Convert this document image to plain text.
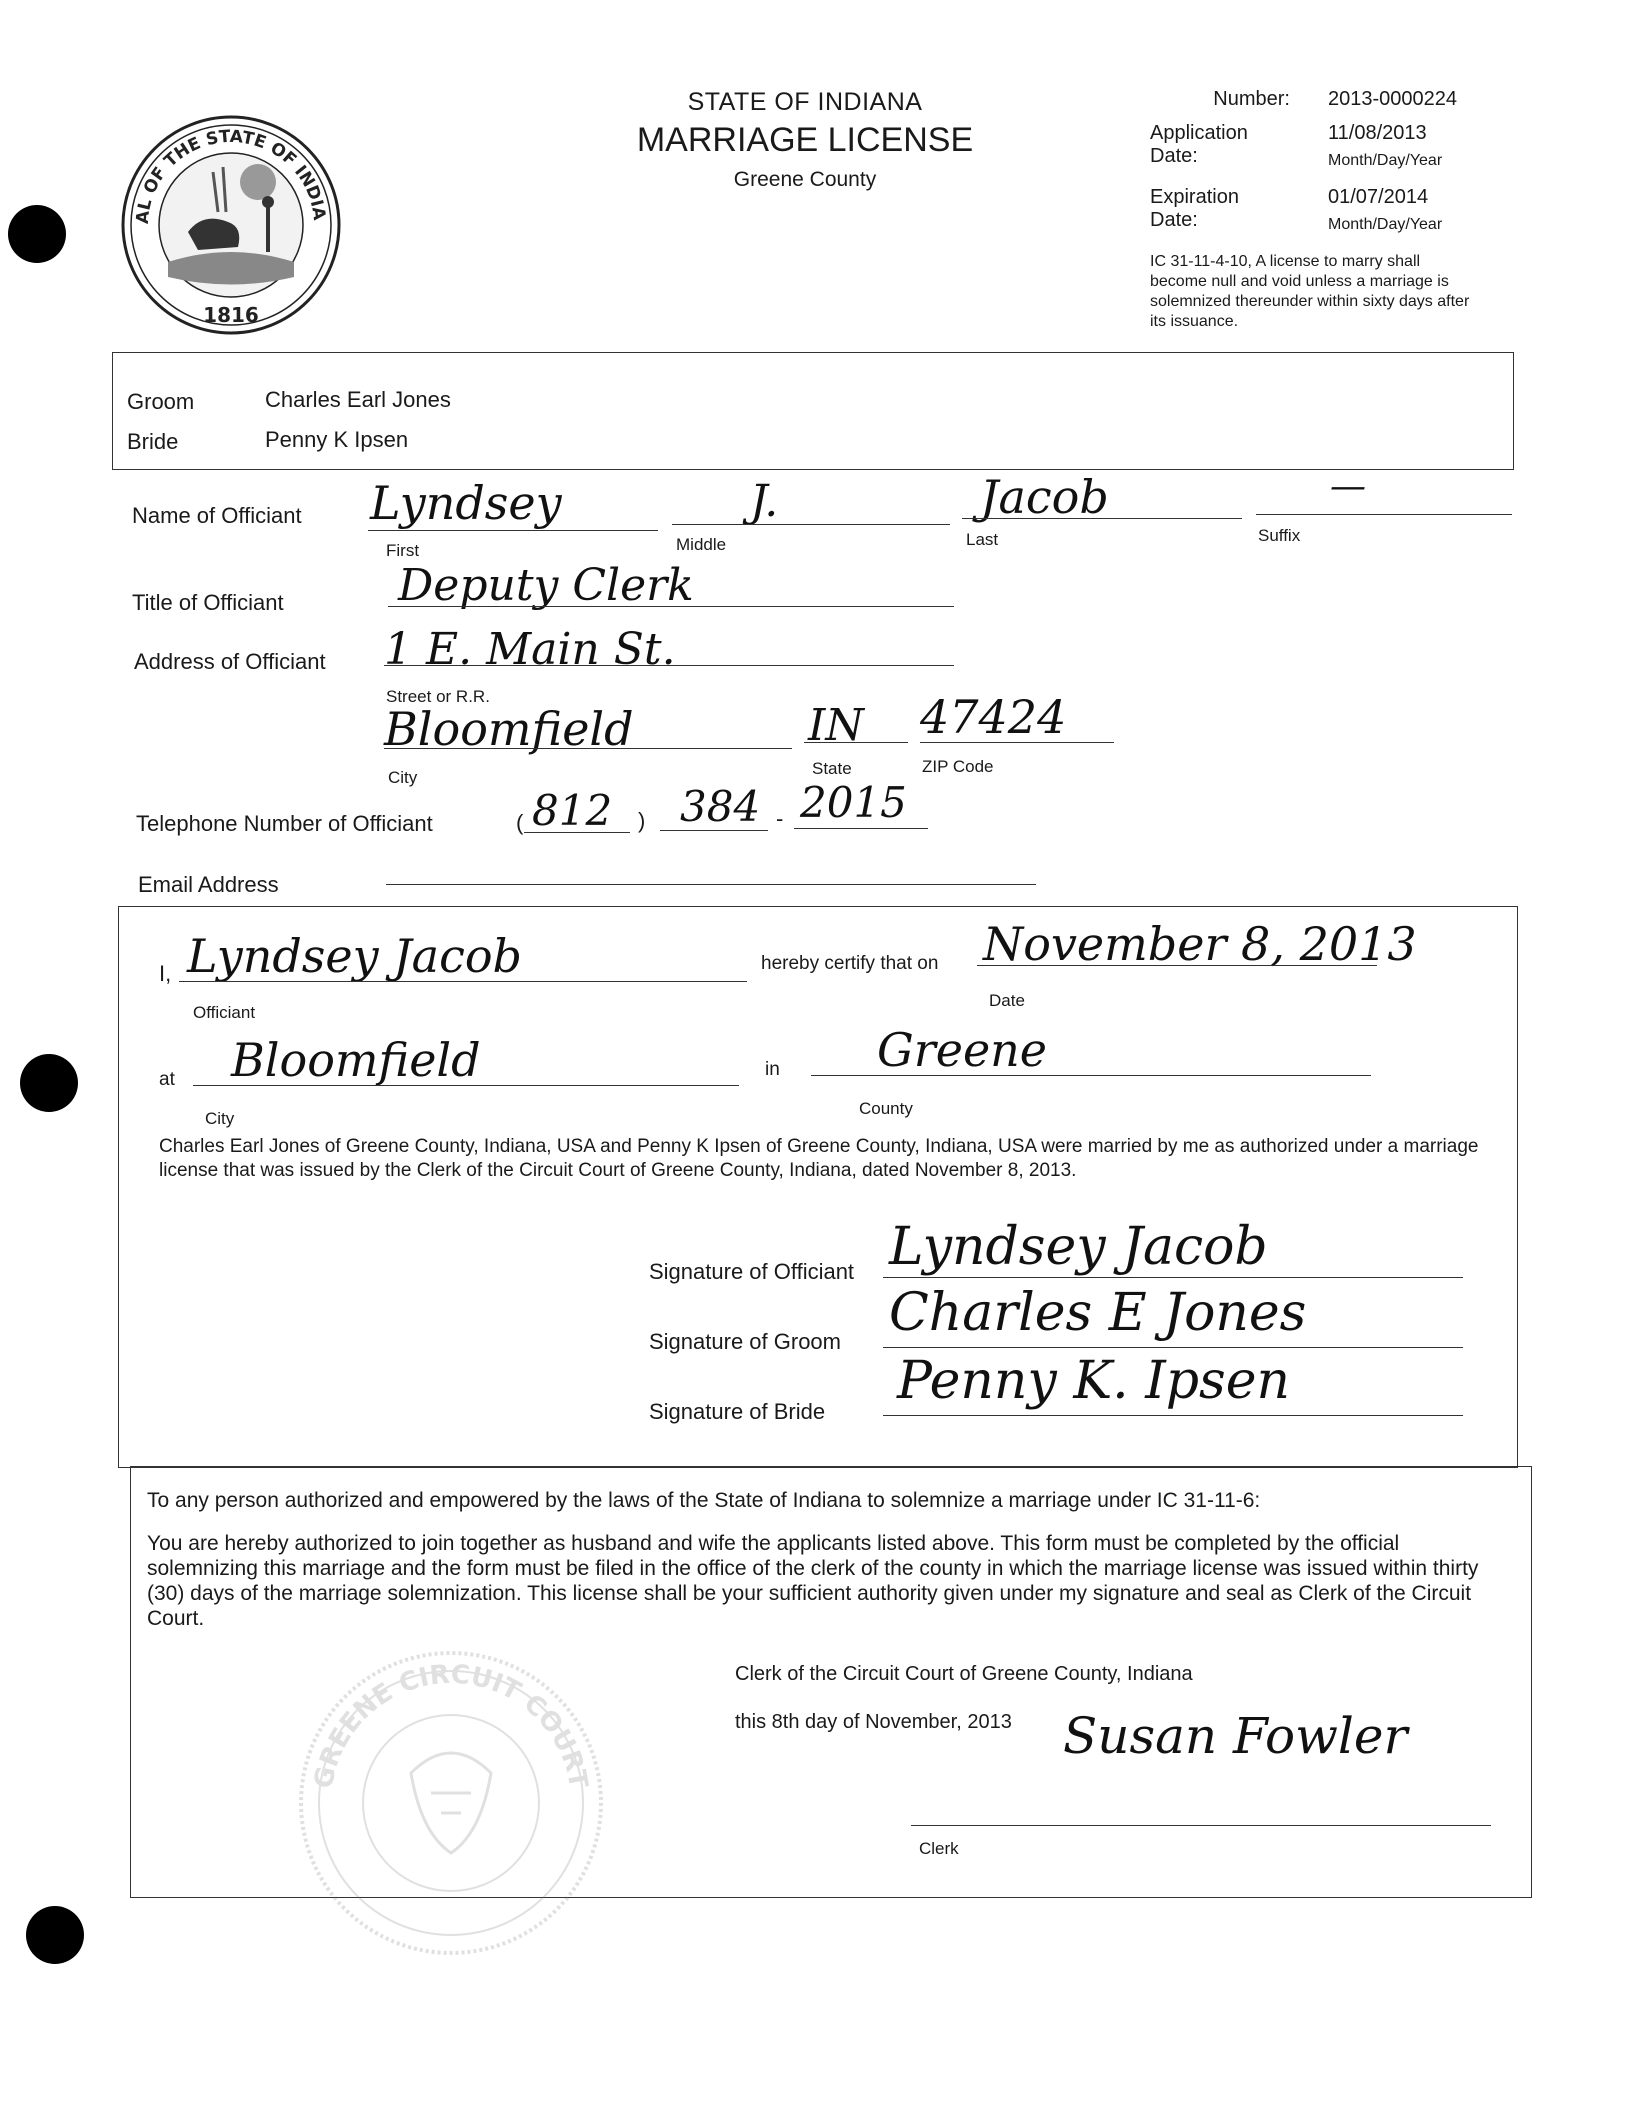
AL OF THE STATE OF INDIA
1816

STATE OF INDIANA

MARRIAGE LICENSE

Greene County

Number: 2013-0000224
Application Date:
11/08/2013
Month/Day/Year
Expiration Date:
01/07/2014
Month/Day/Year

IC 31-11-4-10, A license to marry shall become null and void unless a marriage is solemnized thereunder within sixty days after its issuance.

Groom	Charles Earl Jones
Bride	Penny K Ipsen
Name of Officiant Lyndsey
First
J.
Middle
Jacob
Last
—
Suffix
Title of Officiant	Deputy Clerk
Address of Officiant 1 E. Main St.
Street or R.R.
Bloomfield
City
IN
State
47424
ZIP Code
Telephone Number of Officiant	( 812 ) 384 - 2015
Email Address
I, Lyndsey Jacob
Officiant
hereby certify that on November 8, 2013
Date
at Bloomfield
City
in Greene
County

Charles Earl Jones of Greene County, Indiana, USA and Penny K Ipsen of Greene County, Indiana, USA were married by me as authorized under a marriage license that was issued by the Clerk of the Circuit Court of Greene County, Indiana, dated November 8, 2013.

Signature of Officiant Lyndsey Jacob
Signature of Groom Charles E Jones
Signature of Bride
Penny K. Ipsen

To any person authorized and empowered by the laws of the State of Indiana to solemnize a marriage under IC 31-11-6:

You are hereby authorized to join together as husband and wife the applicants listed above. This form must be completed by the official solemnizing this marriage and the form must be filed in the office of the clerk of the county in which the marriage license was issued within thirty (30) days of the marriage solemnization. This license shall be your sufficient authority given under my signature and seal as Clerk of the Circuit Court.

Clerk of the Circuit Court of Greene County, Indiana

this 8th day of November, 2013 Susan Fowler
Clerk
GREENE CIRCUIT COURT
